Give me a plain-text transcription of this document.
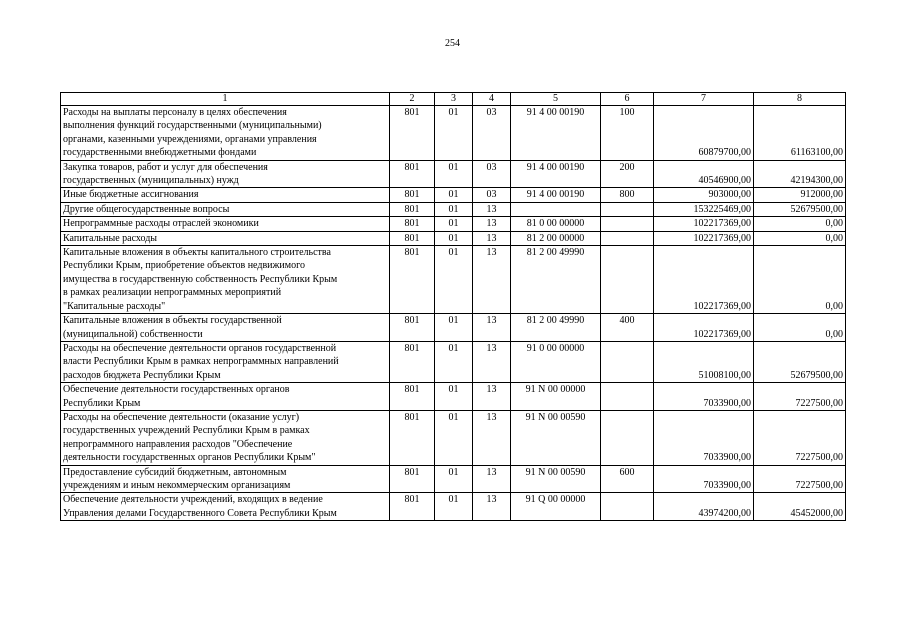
254
1	2	3	4	5	6	7	8
Расходы на выплаты персоналу в целях обеспечения
выполнения функций государственными (муниципальными)
органами, казенными учреждениями, органами управления
государственными внебюджетными фондами	801	01	03	91 4 00 00190	100	60879700,00	61163100,00
Закупка товаров, работ и услуг для обеспечения
государственных (муниципальных) нужд	801	01	03	91 4 00 00190	200	40546900,00	42194300,00
Иные бюджетные ассигнования	801	01	03	91 4 00 00190	800	903000,00	912000,00
Другие общегосударственные вопросы	801	01	13			153225469,00	52679500,00
Непрограммные расходы отраслей экономики	801	01	13	81 0 00 00000		102217369,00	0,00
Капитальные расходы	801	01	13	81 2 00 00000		102217369,00	0,00
Капитальные вложения в объекты капитального строительства
Республики Крым, приобретение объектов недвижимого
имущества в государственную собственность Республики Крым
в рамках реализации непрограммных мероприятий
"Капитальные расходы"	801	01	13	81 2 00 49990		102217369,00	0,00
Капитальные вложения в объекты государственной
(муниципальной) собственности	801	01	13	81 2 00 49990	400	102217369,00	0,00
Расходы на обеспечение деятельности органов государственной
власти Республики Крым в рамках непрограммных направлений
расходов бюджета Республики Крым	801	01	13	91 0 00 00000		51008100,00	52679500,00
Обеспечение деятельности государственных органов
Республики Крым	801	01	13	91 N 00 00000		7033900,00	7227500,00
Расходы на обеспечение деятельности (оказание услуг)
государственных учреждений Республики Крым в рамках
непрограммного направления расходов "Обеспечение
деятельности государственных органов Республики Крым"	801	01	13	91 N 00 00590		7033900,00	7227500,00
Предоставление субсидий бюджетным, автономным
учреждениям и иным некоммерческим организациям	801	01	13	91 N 00 00590	600	7033900,00	7227500,00
Обеспечение деятельности учреждений, входящих в ведение
Управления делами Государственного Совета Республики Крым	801	01	13	91 Q 00 00000		43974200,00	45452000,00
